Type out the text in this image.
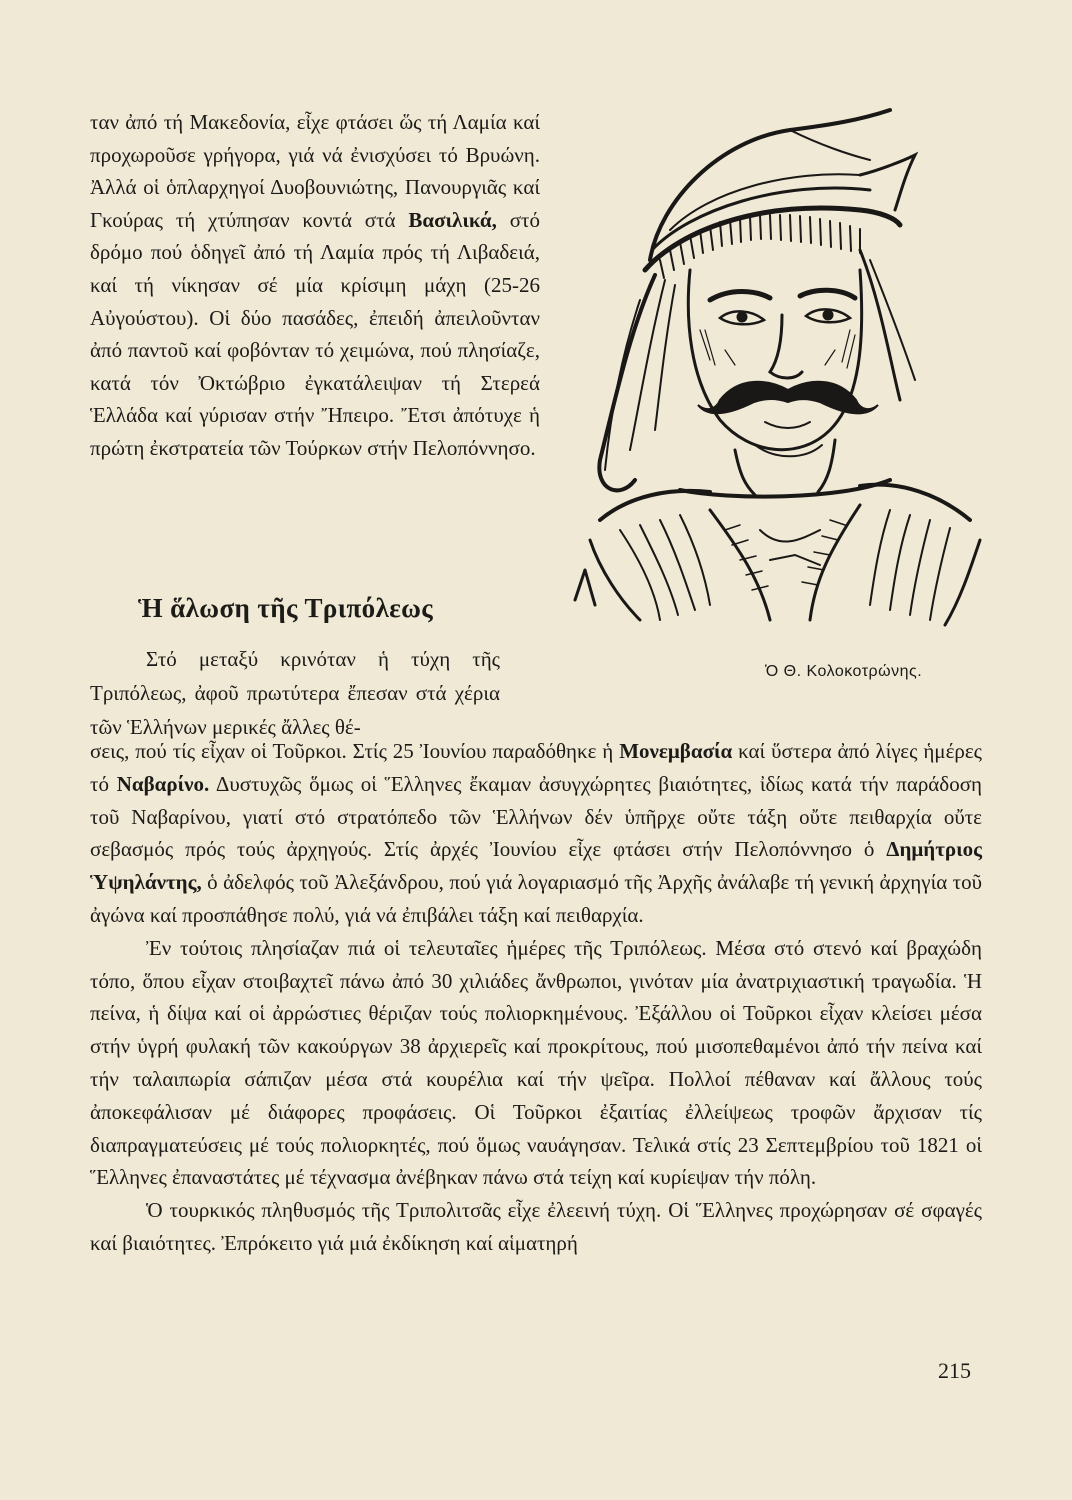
ταν ἀπό τή Μακεδονία, εἶχε φτάσει ὥς τή Λαμία καί προχωροῦσε γρήγορα, γιά νά ἐνισχύσει τό Βρυώνη. Ἀλλά οἱ ὁπλαρχηγοί Δυοβουνιώτης, Πανουργιᾶς καί Γκούρας τή χτύπησαν κοντά στά Βασιλικά, στό δρόμο πού ὁδηγεῖ ἀπό τή Λαμία πρός τή Λιβαδειά, καί τή νίκησαν σέ μία κρίσιμη μάχη (25-26 Αὐγούστου). Οἱ δύο πασάδες, ἐπειδή ἀπειλοῦνταν ἀπό παντοῦ καί φοβόνταν τό χειμώνα, πού πλησίαζε, κατά τόν Ὀκτώβριο ἐγκατάλειψαν τή Στερεά Ἑλλάδα καί γύρισαν στήν Ἤπειρο. Ἔτσι ἀπότυχε ἡ πρώτη ἐκστρατεία τῶν Τούρκων στήν Πελοπόννησο.

Ἡ ἅλωση τῆς Τριπόλεως

Στό μεταξύ κρινόταν ἡ τύχη τῆς Τριπόλεως, ἀφοῦ πρωτύτερα ἔπεσαν στά χέρια τῶν Ἑλλήνων μερικές ἄλλες θέ-

Ὁ Θ. Κολοκοτρώνης.

σεις, πού τίς εἶχαν οἱ Τοῦρκοι. Στίς 25 Ἰουνίου παραδόθηκε ἡ Μονεμβασία καί ὕστερα ἀπό λίγες ἡμέρες τό Ναβαρίνο. Δυστυχῶς ὅμως οἱ Ἕλληνες ἔκαμαν ἀσυγχώρητες βιαιότητες, ἰδίως κατά τήν παράδοση τοῦ Ναβαρίνου, γιατί στό στρατόπεδο τῶν Ἑλλήνων δέν ὑπῆρχε οὔτε τάξη οὔτε πειθαρχία οὔτε σεβασμός πρός τούς ἀρχηγούς. Στίς ἀρχές Ἰουνίου εἶχε φτάσει στήν Πελοπόννησο ὁ Δημήτριος Ὑψηλάντης, ὁ ἀδελφός τοῦ Ἀλεξάνδρου, πού γιά λογαριασμό τῆς Ἀρχῆς ἀνάλαβε τή γενική ἀρχηγία τοῦ ἀγώνα καί προσπάθησε πολύ, γιά νά ἐπιβάλει τάξη καί πειθαρχία.

Ἐν τούτοις πλησίαζαν πιά οἱ τελευταῖες ἡμέρες τῆς Τριπόλεως. Μέσα στό στενό καί βραχώδη τόπο, ὅπου εἶχαν στοιβαχτεῖ πάνω ἀπό 30 χιλιάδες ἄνθρωποι, γινόταν μία ἀνατριχιαστική τραγωδία. Ἡ πείνα, ἡ δίψα καί οἱ ἀρρώστιες θέριζαν τούς πολιορκημένους. Ἐξάλλου οἱ Τοῦρκοι εἶχαν κλείσει μέσα στήν ὑγρή φυλακή τῶν κακούργων 38 ἀρχιερεῖς καί προκρίτους, πού μισοπεθαμένοι ἀπό τήν πείνα καί τήν ταλαιπωρία σάπιζαν μέσα στά κουρέλια καί τήν ψεῖρα. Πολλοί πέθαναν καί ἄλλους τούς ἀποκεφάλισαν μέ διάφορες προφάσεις. Οἱ Τοῦρκοι ἐξαιτίας ἐλλείψεως τροφῶν ἄρχισαν τίς διαπραγματεύσεις μέ τούς πολιορκητές, πού ὅμως ναυάγησαν. Τελικά στίς 23 Σεπτεμβρίου τοῦ 1821 οἱ Ἕλληνες ἐπαναστάτες μέ τέχνασμα ἀνέβηκαν πάνω στά τείχη καί κυρίεψαν τήν πόλη.

Ὁ τουρκικός πληθυσμός τῆς Τριπολιτσᾶς εἶχε ἐλεεινή τύχη. Οἱ Ἕλληνες προχώρησαν σέ σφαγές καί βιαιότητες. Ἐπρόκειτο γιά μιά ἐκδίκηση καί αἱματηρή

215
